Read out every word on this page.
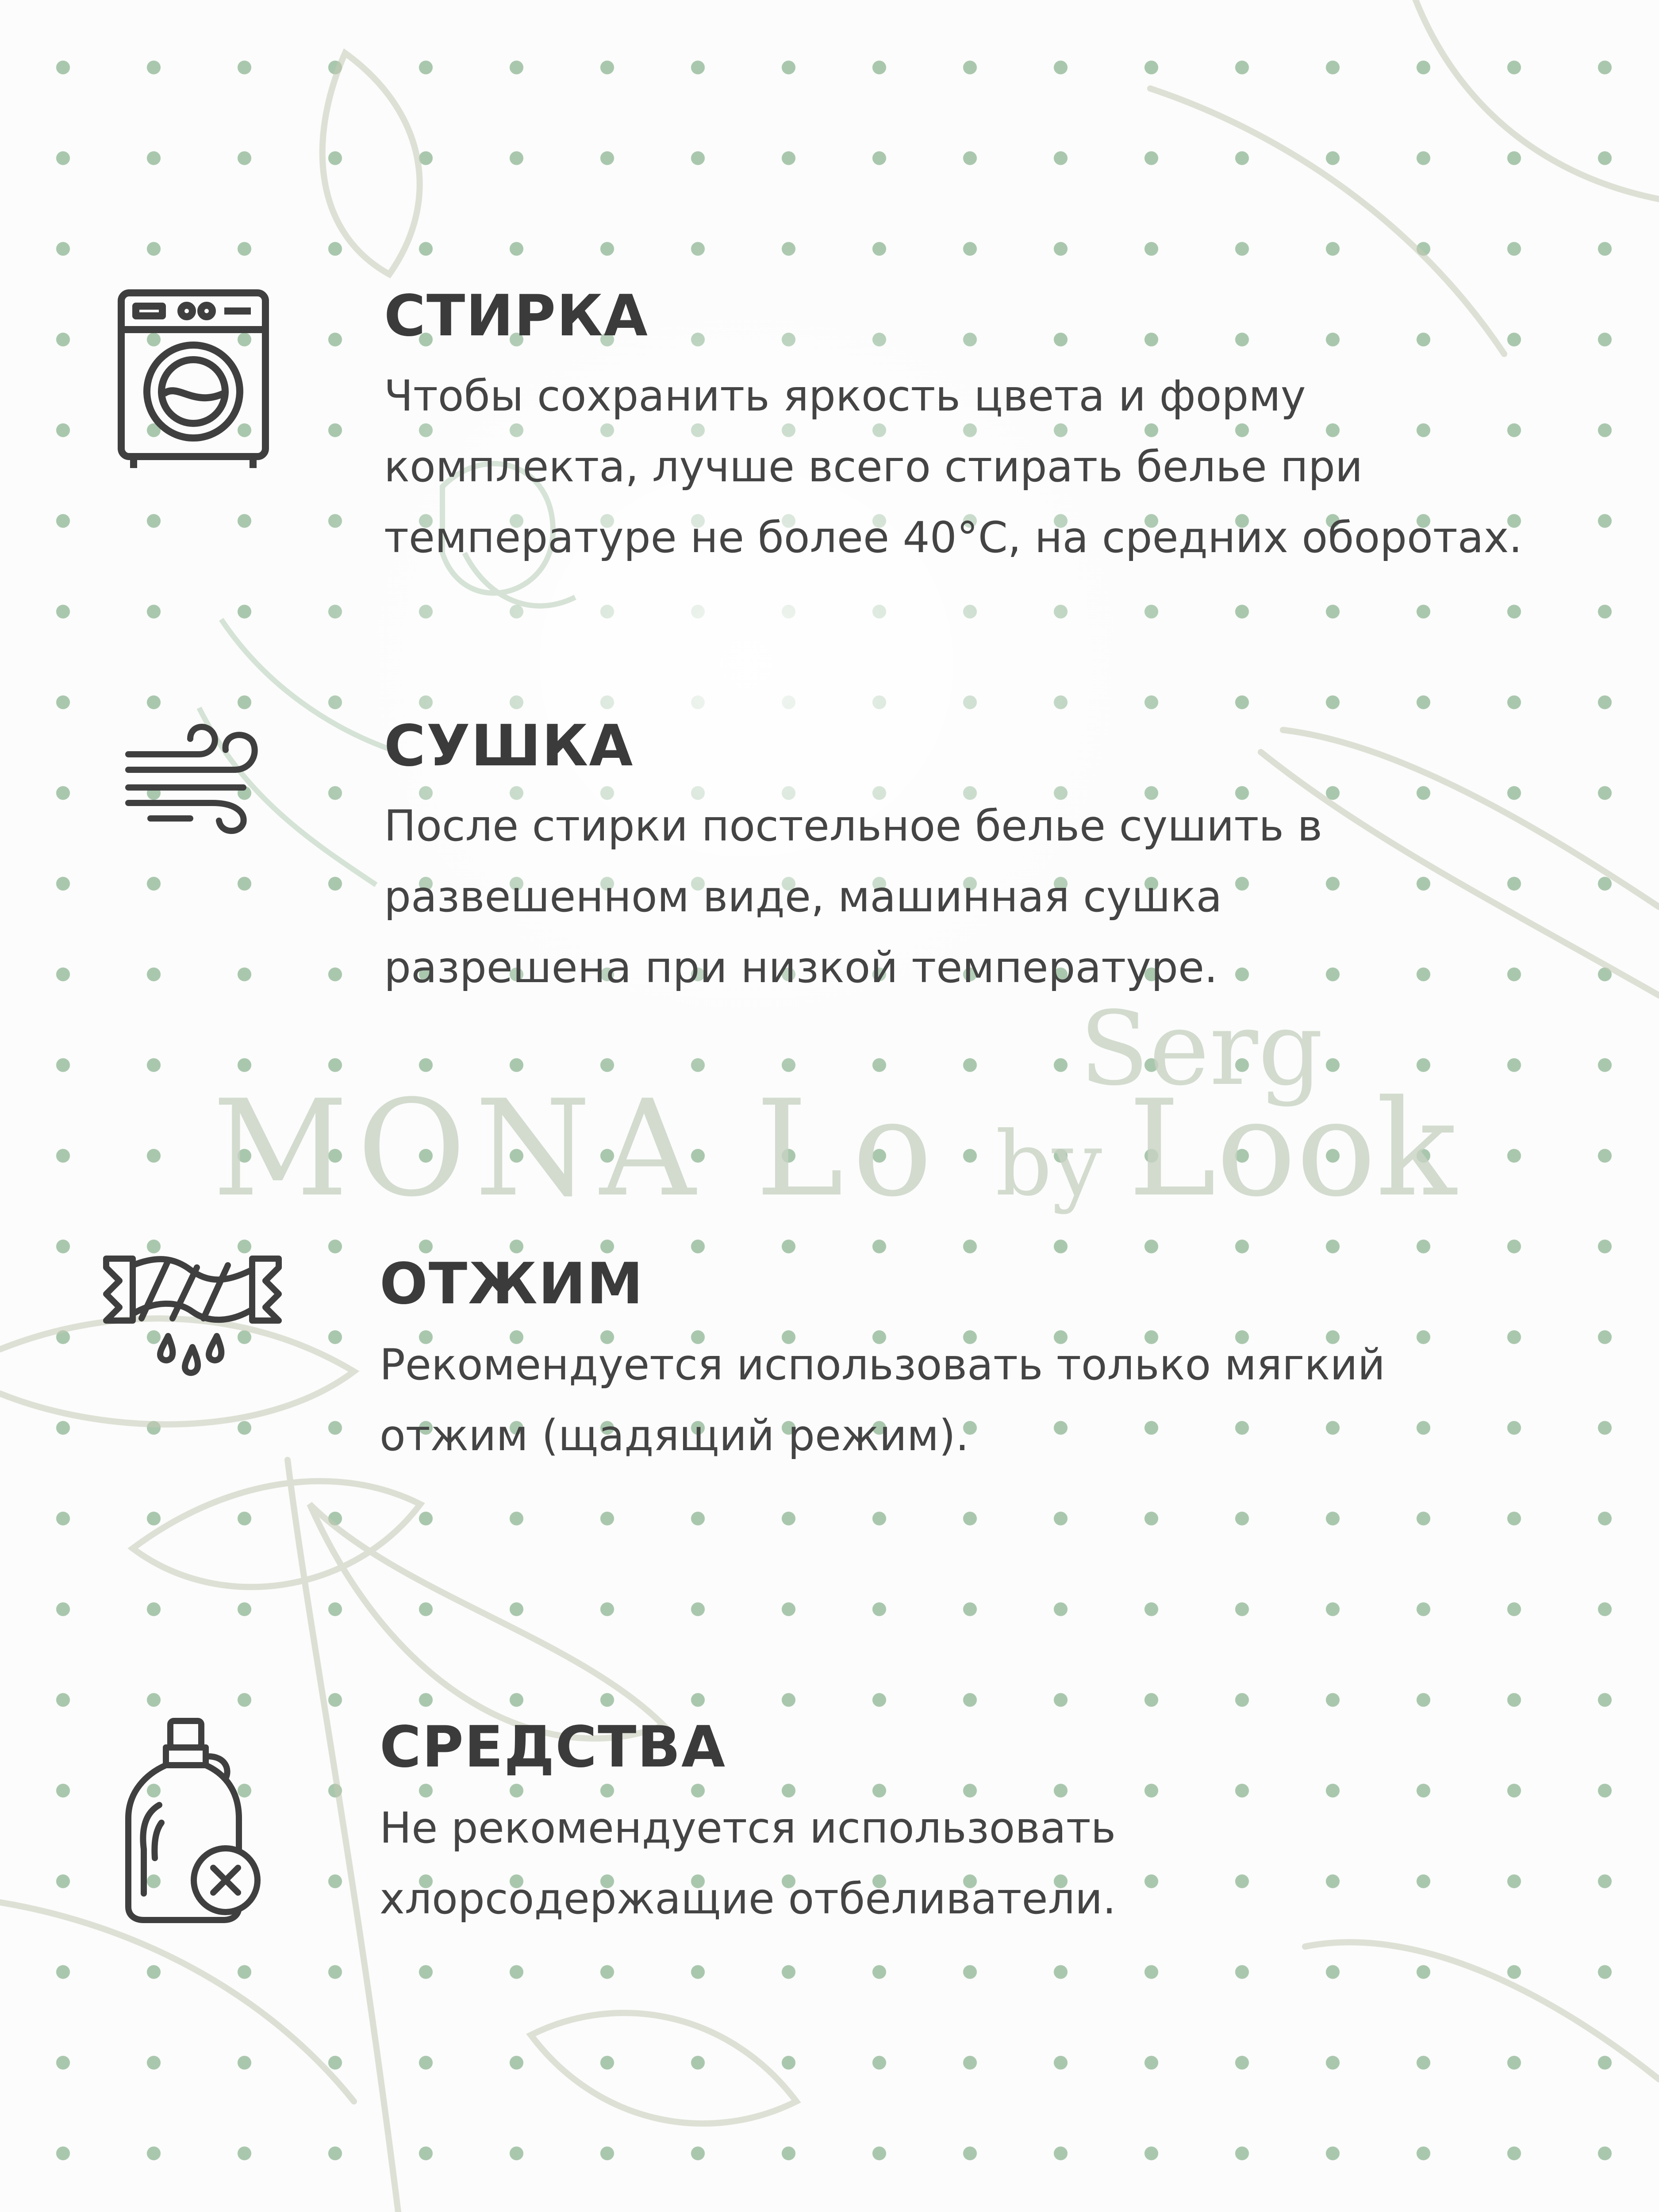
MONA Lo by Look
Serg
СТИРКА

Чтобы сохранить яркость цвета и форму
комплекта, лучше всего стирать белье при
температуре не более 40°C, на средних оборотах.

СУШКА

После стирки постельное белье сушить в
развешенном виде, машинная сушка
разрешена при низкой температуре.

ОТЖИМ

Рекомендуется использовать только мягкий
отжим (щадящий режим).

СРЕДСТВА

Не рекомендуется использовать
хлорсодержащие отбеливатели.
